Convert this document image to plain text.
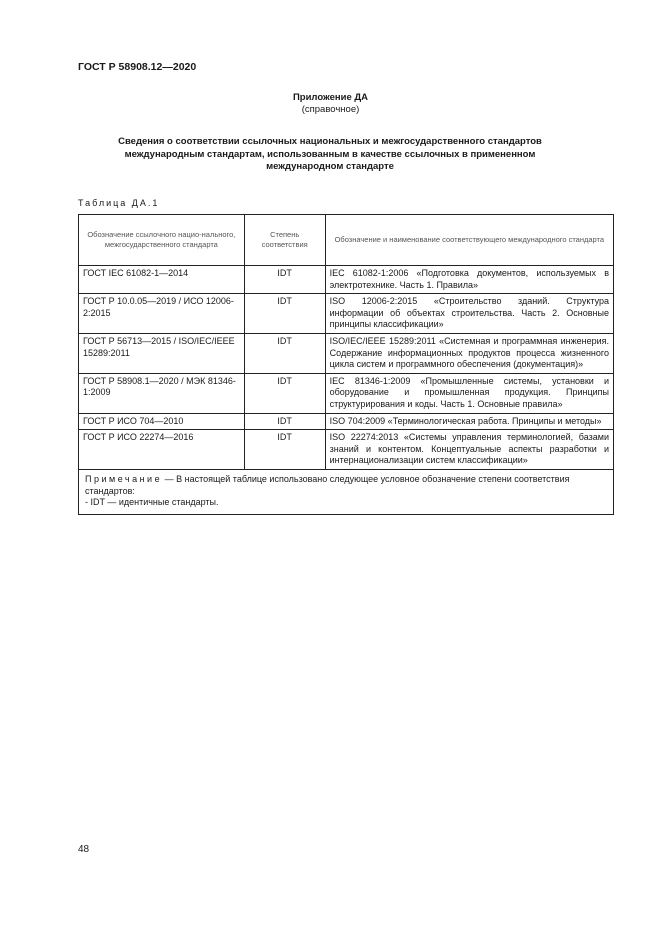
ГОСТ Р 58908.12—2020
Приложение ДА
(справочное)
Сведения о соответствии ссылочных национальных и межгосударственного стандартов международным стандартам, использованным в качестве ссылочных в примененном международном стандарте
Таблица ДА.1
Обозначение ссылочного нацио-нального, межгосударственного стандарта	Степень соответствия	Обозначение и наименование соответствующего международного стандарта
ГОСТ IEC 61082-1—2014	IDT	IEC 61082-1:2006 «Подготовка документов, используемых в электротехнике. Часть 1. Правила»
ГОСТ Р 10.0.05—2019 / ИСО 12006-2:2015	IDT	ISO 12006-2:2015 «Строительство зданий. Структура информации об объектах строительства. Часть 2. Основные принципы классификации»
ГОСТ Р 56713—2015 / ISO/IEC/IEEE 15289:2011	IDT	ISO/IEC/IEEE 15289:2011 «Системная и программная инженерия. Содержание информационных продуктов процесса жизненного цикла систем и программного обеспечения (документация)»
ГОСТ Р 58908.1—2020 / МЭК 81346-1:2009	IDT	IEC 81346-1:2009 «Промышленные системы, установки и оборудование и промышленная продукция. Принципы структурирования и коды. Часть 1. Основные правила»
ГОСТ Р ИСО 704—2010	IDT	ISO 704:2009 «Терминологическая работа. Принципы и методы»
ГОСТ Р ИСО 22274—2016	IDT	ISO 22274:2013 «Системы управления терминологией, базами знаний и контентом. Концептуальные аспекты разработки и интернационализации систем классификации»
Примечание — В настоящей таблице использовано следующее условное обозначение степени соответствия стандартов:
- IDT — идентичные стандарты.		
48
